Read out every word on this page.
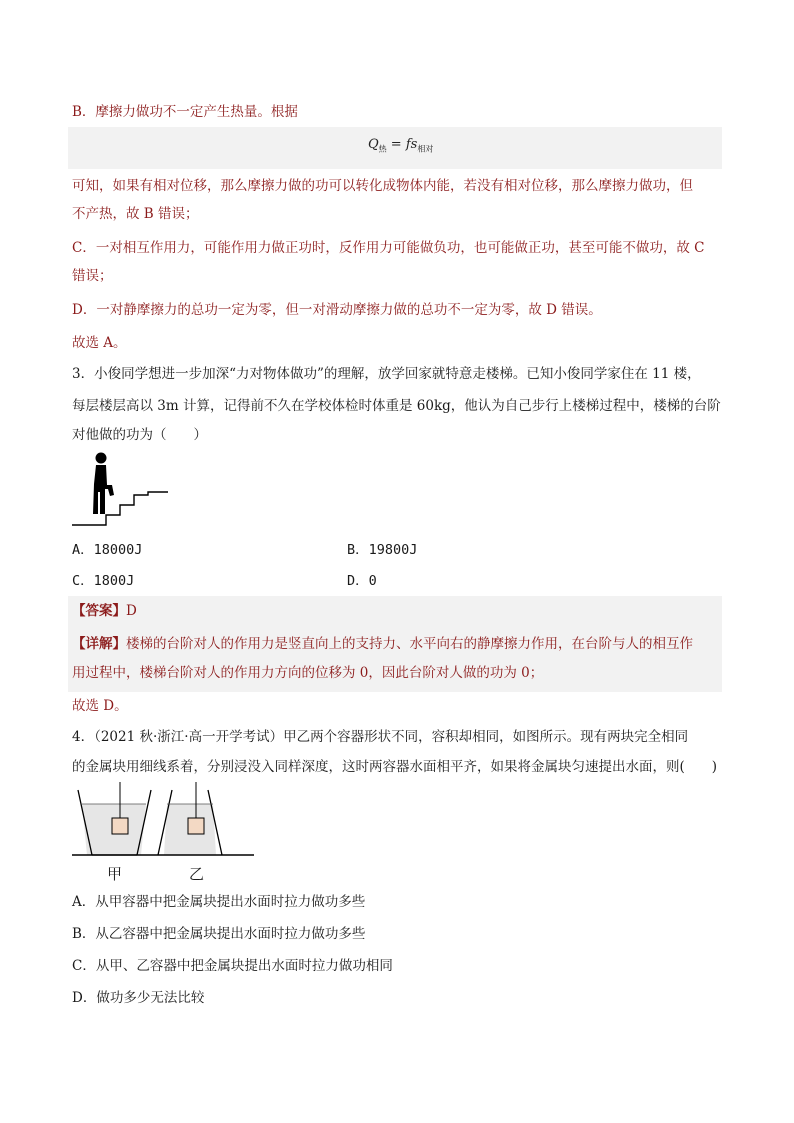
B．摩擦力做功不一定产生热量。根据
$Q_热 = fs_{相对}$
可知，如果有相对位移，那么摩擦力做的功可以转化成物体内能，若没有相对位移，那么摩擦力做功，但
不产热，故 B 错误；
C．一对相互作用力，可能作用力做正功时，反作用力可能做负功，也可能做正功，甚至可能不做功，故 C
错误；
D．一对静摩擦力的总功一定为零，但一对滑动摩擦力做的总功不一定为零，故 D 错误。
故选 A。
3．小俊同学想进一步加深“力对物体做功”的理解，放学回家就特意走楼梯。已知小俊同学家住在 11 楼，
每层楼层高以 3m 计算，记得前不久在学校体检时体重是 60kg，他认为自己步行上楼梯过程中，楼梯的台阶
对他做的功为（　　）
A．18000J	B．19800J
C．1800J	D．0
【答案】D
【详解】楼梯的台阶对人的作用力是竖直向上的支持力、水平向右的静摩擦力作用，在台阶与人的相互作
用过程中，楼梯台阶对人的作用力方向的位移为 0，因此台阶对人做的功为 0；
故选 D。
4．（2021 秋·浙江·高一开学考试）甲乙两个容器形状不同，容积却相同，如图所示。现有两块完全相同
的金属块用细线系着，分别浸没入同样深度，这时两容器水面相平齐，如果将金属块匀速提出水面，则(　　)
甲	乙
A．从甲容器中把金属块提出水面时拉力做功多些
B．从乙容器中把金属块提出水面时拉力做功多些
C．从甲、乙容器中把金属块提出水面时拉力做功相同
D．做功多少无法比较
